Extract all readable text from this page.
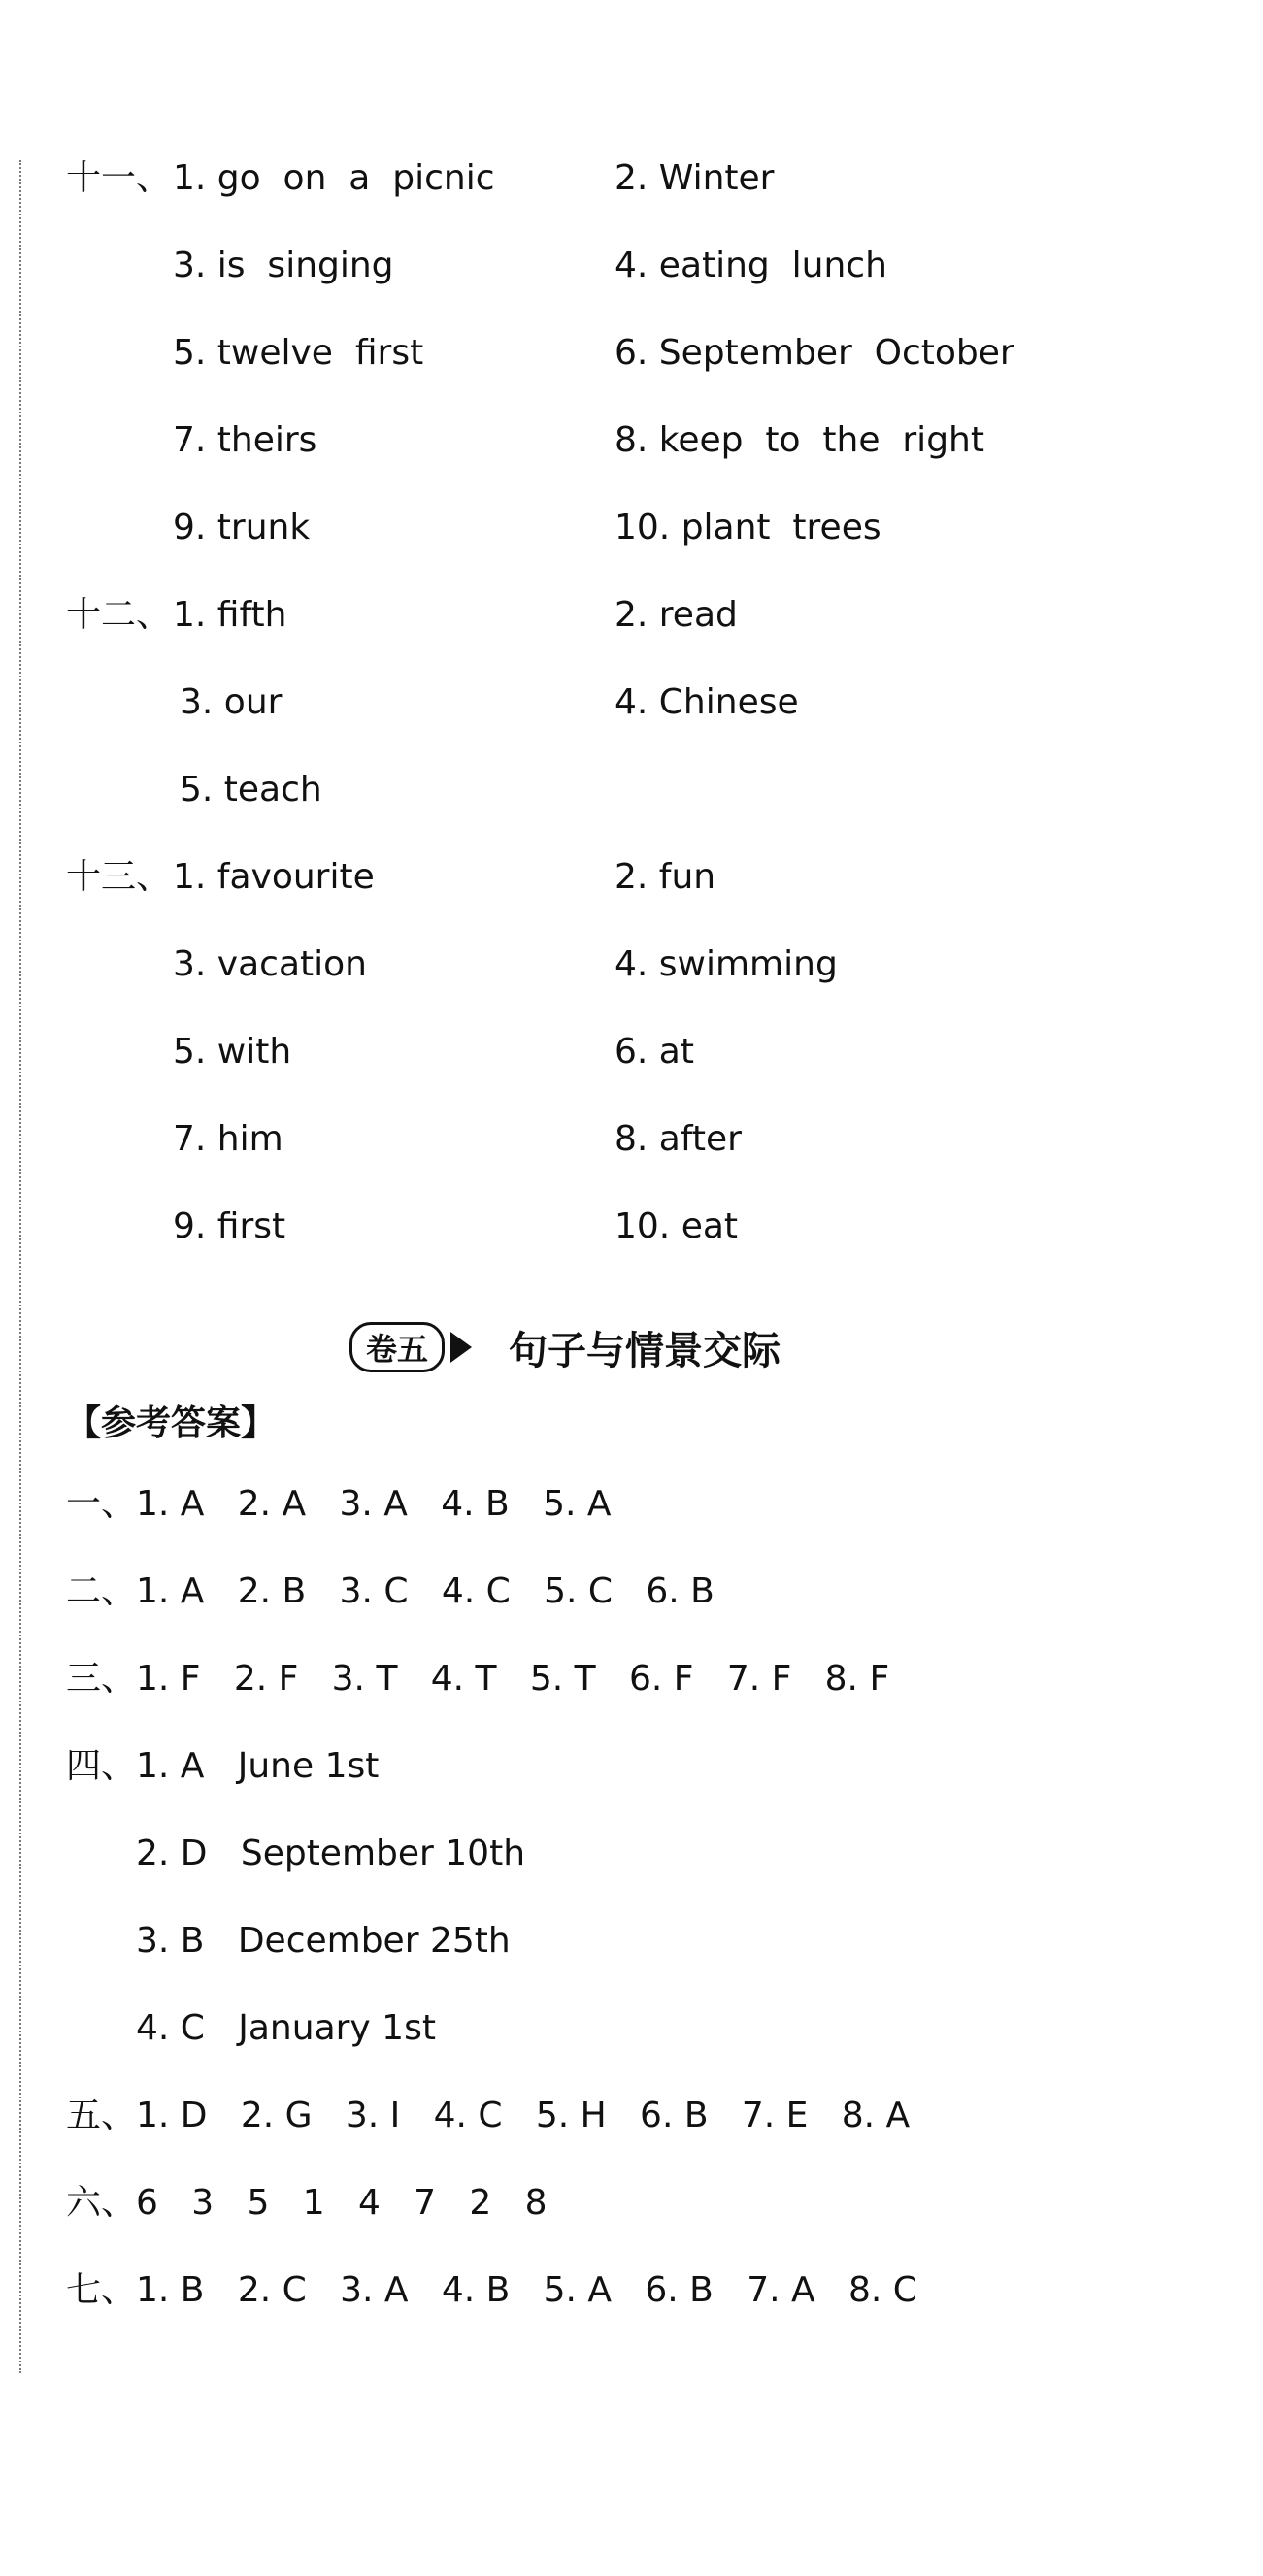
十一、 1. go  on  a  picnic	2. Winter
3. is  singing	4. eating  lunch
5. twelve  first	6. September  October
7. theirs	8. keep  to  the  right
9. trunk	10. plant  trees
十二、 1. fifth	2. read
3. our	4. Chinese
5. teach
十三、 1. favourite	2. fun
3. vacation	4. swimming
5. with	6. at
7. him	8. after
9. first	10. eat
卷五	句子与情景交际
【参考答案】
一、1. A   2. A   3. A   4. B   5. A
二、1. A   2. B   3. C   4. C   5. C   6. B
三、1. F   2. F   3. T   4. T   5. T   6. F   7. F   8. F
四、1. A   June 1st
2. D   September 10th
3. B   December 25th
4. C   January 1st
五、1. D   2. G   3. I   4. C   5. H   6. B   7. E   8. A
六、6   3   5   1   4   7   2   8
七、1. B   2. C   3. A   4. B   5. A   6. B   7. A   8. C
